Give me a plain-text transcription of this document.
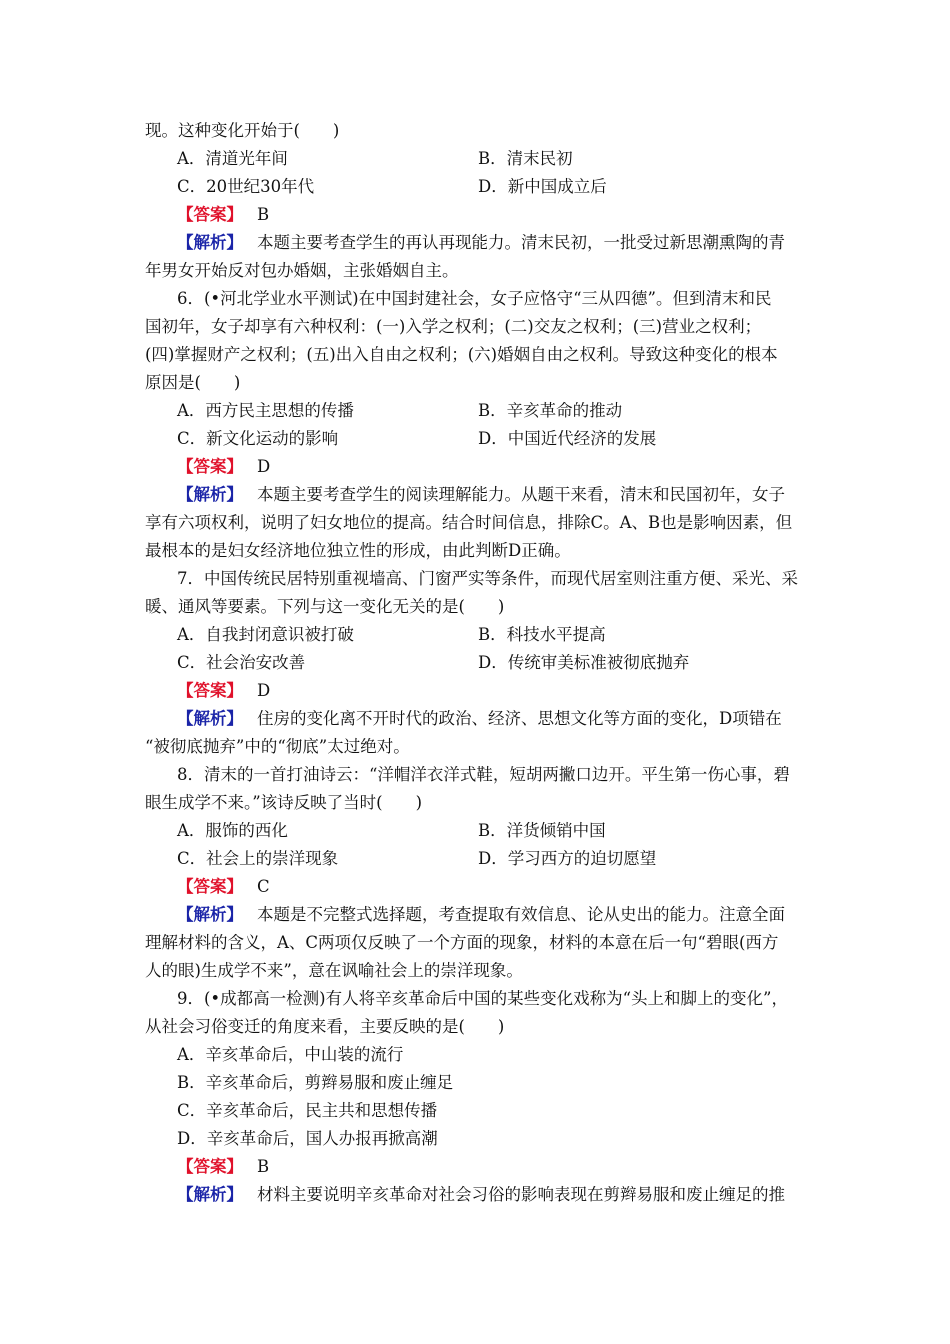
现。这种变化开始于(　　)
A．清道光年间	B．清末民初
C．20世纪30年代	D．新中国成立后
【答案】 B
【解析】 本题主要考查学生的再认再现能力。清末民初，一批受过新思潮熏陶的青
年男女开始反对包办婚姻，主张婚姻自主。
6．(•河北学业水平测试)在中国封建社会，女子应恪守“三从四德”。但到清末和民
国初年，女子却享有六种权利：(一)入学之权利；(二)交友之权利；(三)营业之权利；
(四)掌握财产之权利；(五)出入自由之权利；(六)婚姻自由之权利。导致这种变化的根本
原因是(　　)
A．西方民主思想的传播	B．辛亥革命的推动
C．新文化运动的影响	D．中国近代经济的发展
【答案】 D
【解析】 本题主要考查学生的阅读理解能力。从题干来看，清末和民国初年，女子
享有六项权利，说明了妇女地位的提高。结合时间信息，排除C。A、B也是影响因素，但
最根本的是妇女经济地位独立性的形成，由此判断D正确。
7．中国传统民居特别重视墙高、门窗严实等条件，而现代居室则注重方便、采光、采
暖、通风等要素。下列与这一变化无关的是(　　)
A．自我封闭意识被打破	B．科技水平提高
C．社会治安改善	D．传统审美标准被彻底抛弃
【答案】 D
【解析】 住房的变化离不开时代的政治、经济、思想文化等方面的变化，D项错在
“被彻底抛弃”中的“彻底”太过绝对。
8．清末的一首打油诗云：“洋帽洋衣洋式鞋，短胡两撇口边开。平生第一伤心事，碧
眼生成学不来。”该诗反映了当时(　　)
A．服饰的西化	B．洋货倾销中国
C．社会上的崇洋现象	D．学习西方的迫切愿望
【答案】 C
【解析】 本题是不完整式选择题，考查提取有效信息、论从史出的能力。注意全面
理解材料的含义，A、C两项仅反映了一个方面的现象，材料的本意在后一句“碧眼(西方
人的眼)生成学不来”，意在讽喻社会上的崇洋现象。
9．(•成都高一检测)有人将辛亥革命后中国的某些变化戏称为“头上和脚上的变化”，
从社会习俗变迁的角度来看，主要反映的是(　　)
A．辛亥革命后，中山装的流行
B．辛亥革命后，剪辫易服和废止缠足
C．辛亥革命后，民主共和思想传播
D．辛亥革命后，国人办报再掀高潮
【答案】 B
【解析】 材料主要说明辛亥革命对社会习俗的影响表现在剪辫易服和废止缠足的推
